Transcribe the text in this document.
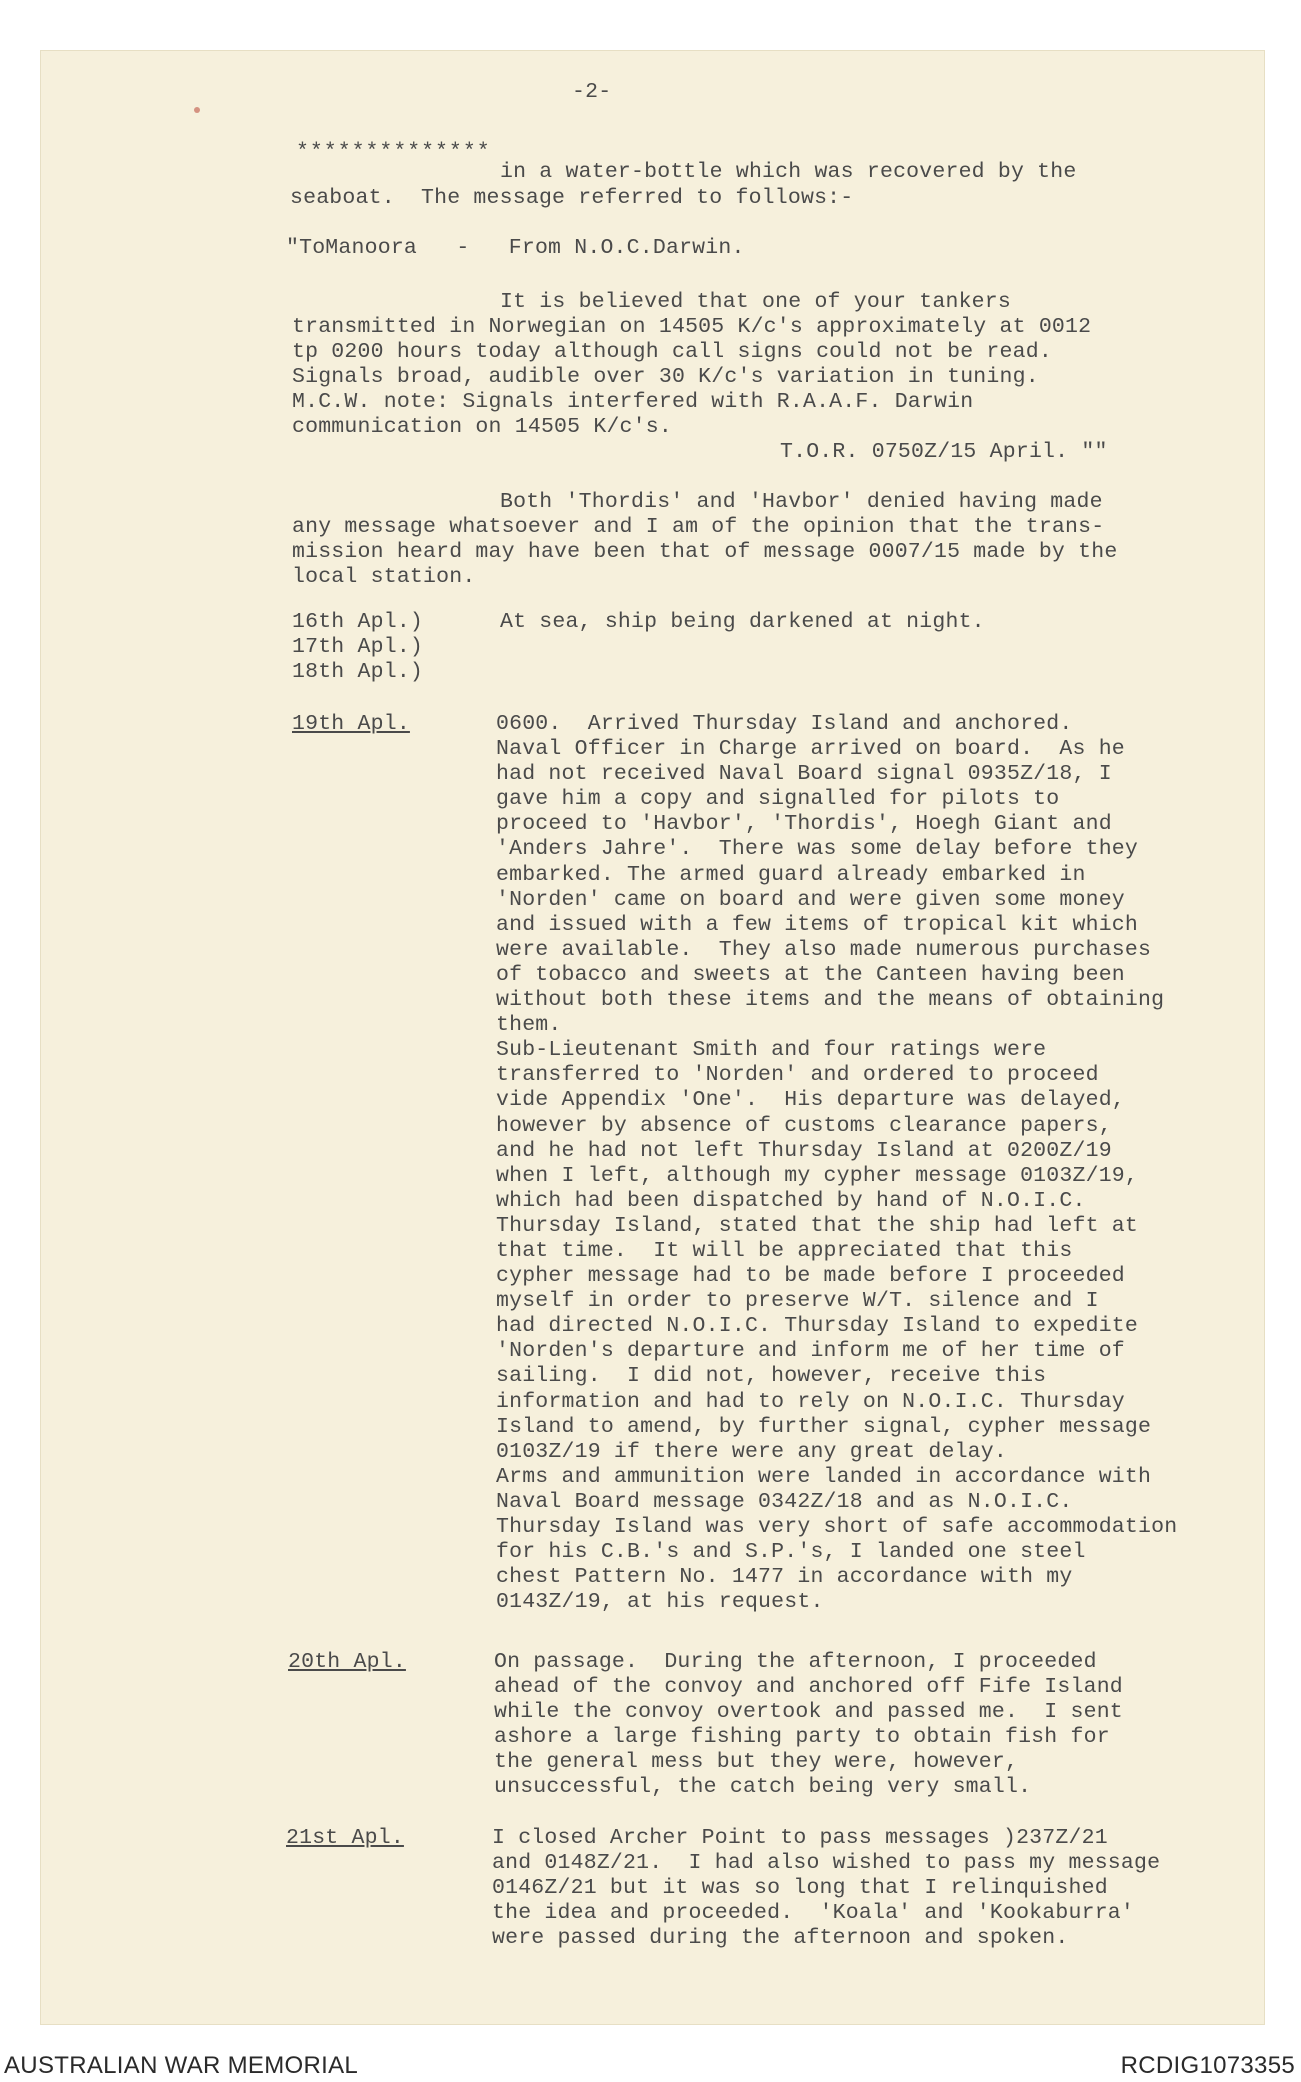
-2-
**************
in a water-bottle which was recovered by the
seaboat.  The message referred to follows:-
"ToManoora   -   From N.O.C.Darwin.
It is believed that one of your tankers
transmitted in Norwegian on 14505 K/c's approximately at 0012
tp 0200 hours today although call signs could not be read.
Signals broad, audible over 30 K/c's variation in tuning.
M.C.W. note: Signals interfered with R.A.A.F. Darwin
communication on 14505 K/c's.
T.O.R. 0750Z/15 April. ""
Both 'Thordis' and 'Havbor' denied having made
any message whatsoever and I am of the opinion that the trans-
mission heard may have been that of message 0007/15 made by the
local station.
16th Apl.)
17th Apl.)
18th Apl.)
At sea, ship being darkened at night.
19th Apl.	0600.  Arrived Thursday Island and anchored.
Naval Officer in Charge arrived on board.  As he
had not received Naval Board signal 0935Z/18, I
gave him a copy and signalled for pilots to
proceed to 'Havbor', 'Thordis', Hoegh Giant and
'Anders Jahre'.  There was some delay before they
embarked. The armed guard already embarked in
'Norden' came on board and were given some money
and issued with a few items of tropical kit which
were available.  They also made numerous purchases
of tobacco and sweets at the Canteen having been
without both these items and the means of obtaining
them.
Sub-Lieutenant Smith and four ratings were
transferred to 'Norden' and ordered to proceed
vide Appendix 'One'.  His departure was delayed,
however by absence of customs clearance papers,
and he had not left Thursday Island at 0200Z/19
when I left, although my cypher message 0103Z/19,
which had been dispatched by hand of N.O.I.C.
Thursday Island, stated that the ship had left at
that time.  It will be appreciated that this
cypher message had to be made before I proceeded
myself in order to preserve W/T. silence and I
had directed N.O.I.C. Thursday Island to expedite
'Norden's departure and inform me of her time of
sailing.  I did not, however, receive this
information and had to rely on N.O.I.C. Thursday
Island to amend, by further signal, cypher message
0103Z/19 if there were any great delay.
Arms and ammunition were landed in accordance with
Naval Board message 0342Z/18 and as N.O.I.C.
Thursday Island was very short of safe accommodation
for his C.B.'s and S.P.'s, I landed one steel
chest Pattern No. 1477 in accordance with my
0143Z/19, at his request.
20th Apl.	On passage.  During the afternoon, I proceeded
ahead of the convoy and anchored off Fife Island
while the convoy overtook and passed me.  I sent
ashore a large fishing party to obtain fish for
the general mess but they were, however,
unsuccessful, the catch being very small.
21st Apl.	I closed Archer Point to pass messages )237Z/21
and 0148Z/21.  I had also wished to pass my message
0146Z/21 but it was so long that I relinquished
the idea and proceeded.  'Koala' and 'Kookaburra'
were passed during the afternoon and spoken.
AUSTRALIAN WAR MEMORIAL	RCDIG1073355
